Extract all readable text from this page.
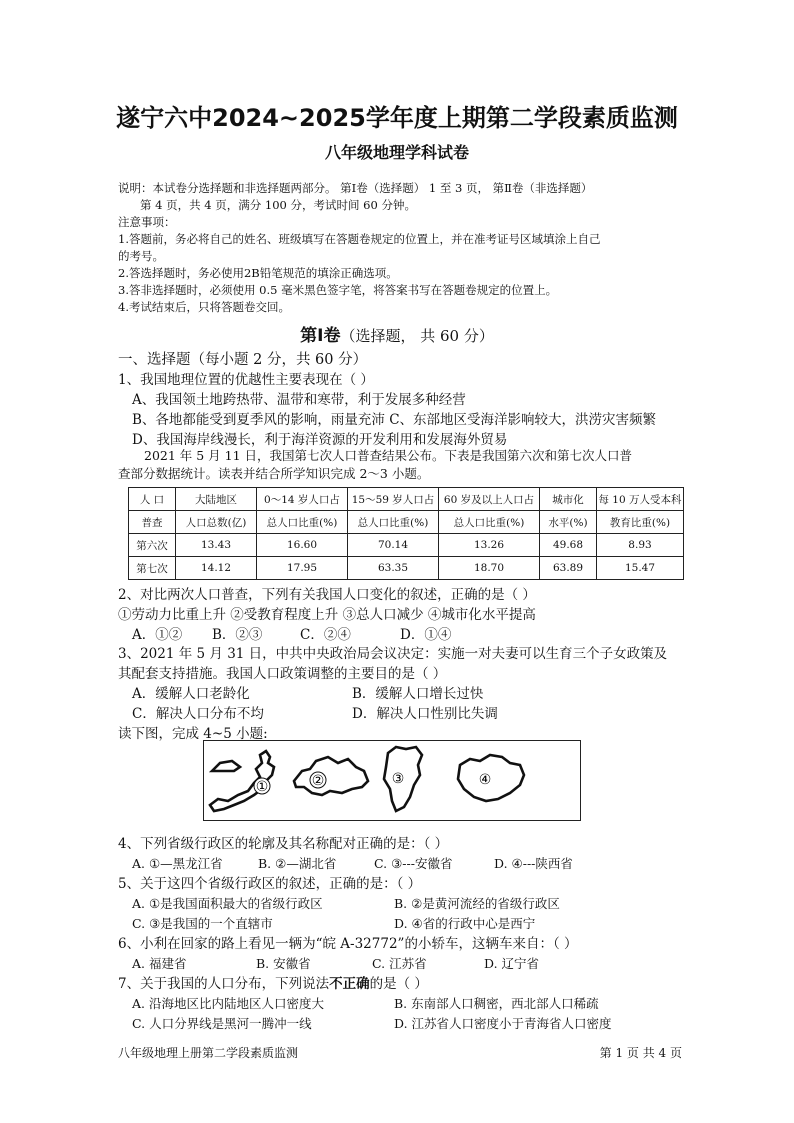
遂宁六中2024~2025学年度上期第二学段素质监测
八年级地理学科试卷
说明：本试卷分选择题和非选择题两部分。 第Ⅰ卷（选择题） 1 至 3 页， 第Ⅱ卷（非选择题）
第 4 页，共 4 页，满分 100 分，考试时间 60 分钟。
注意事项：
1.答题前，务必将自己的姓名、班级填写在答题卷规定的位置上，并在准考证号区域填涂上自己
的考号。
2.答选择题时，务必使用2B铅笔规范的填涂正确选项。
3.答非选择题时，必须使用 0.5 毫米黑色签字笔，将答案书写在答题卷规定的位置上。
4.考试结束后，只将答题卷交回。
第Ⅰ卷（选择题， 共 60 分）
一、选择题（每小题 2 分，共 60 分）
1、我国地理位置的优越性主要表现在（ ）
A、我国领土地跨热带、温带和寒带，利于发展多种经营
B、各地都能受到夏季风的影响，雨量充沛 C、东部地区受海洋影响较大，洪涝灾害频繁
D、我国海岸线漫长，利于海洋资源的开发利用和发展海外贸易
2021 年 5 月 11 日，我国第七次人口普查结果公布。下表是我国第六次和第七次人口普
查部分数据统计。读表并结合所学知识完成 2～3 小题。
人 口	大陆地区	0～14 岁人口占	15～59 岁人口占	60 岁及以上人口占	城市化	每 10 万人受本科
普查	人口总数(亿)	总人口比重(%)	总人口比重(%)	总人口比重(%)	水平(%)	教育比重(%)
第六次	13.43	16.60	70.14	13.26	49.68	8.93
第七次	14.12	17.95	63.35	18.70	63.89	15.47
2、对比两次人口普查，下列有关我国人口变化的叙述，正确的是（ ）
①劳动力比重上升 ②受教育程度上升 ③总人口减少 ④城市化水平提高
A．①② B．②③	C．②④	D．①④
3、2021 年 5 月 31 日，中共中央政治局会议决定：实施一对夫妻可以生育三个子女政策及
其配套支持措施。我国人口政策调整的主要目的是（ ）
A．缓解人口老龄化	B．缓解人口增长过快
C．解决人口分布不均	D．解决人口性别比失调
读下图，完成 4~5 小题:
①	②	③	④
4、下列省级行政区的轮廓及其名称配对正确的是：（ ）
A. ①—黑龙江省	B. ②—湖北省	C. ③---安徽省	D. ④---陕西省
5、关于这四个省级行政区的叙述，正确的是：（ ）
A. ①是我国面积最大的省级行政区	B. ②是黄河流经的省级行政区
C. ③是我国的一个直辖市	D. ④省的行政中心是西宁
6、小利在回家的路上看见一辆为“皖 A-32772”的小轿车，这辆车来自：（ ）
A. 福建省	B. 安徽省	C. 江苏省	D. 辽宁省
7、关于我国的人口分布，下列说法不正确的是（ ）
A. 沿海地区比内陆地区人口密度大	B. 东南部人口稠密，西北部人口稀疏
C. 人口分界线是黑河一腾冲一线	D. 江苏省人口密度小于青海省人口密度
八年级地理上册第二学段素质监测	第 1 页 共 4 页
